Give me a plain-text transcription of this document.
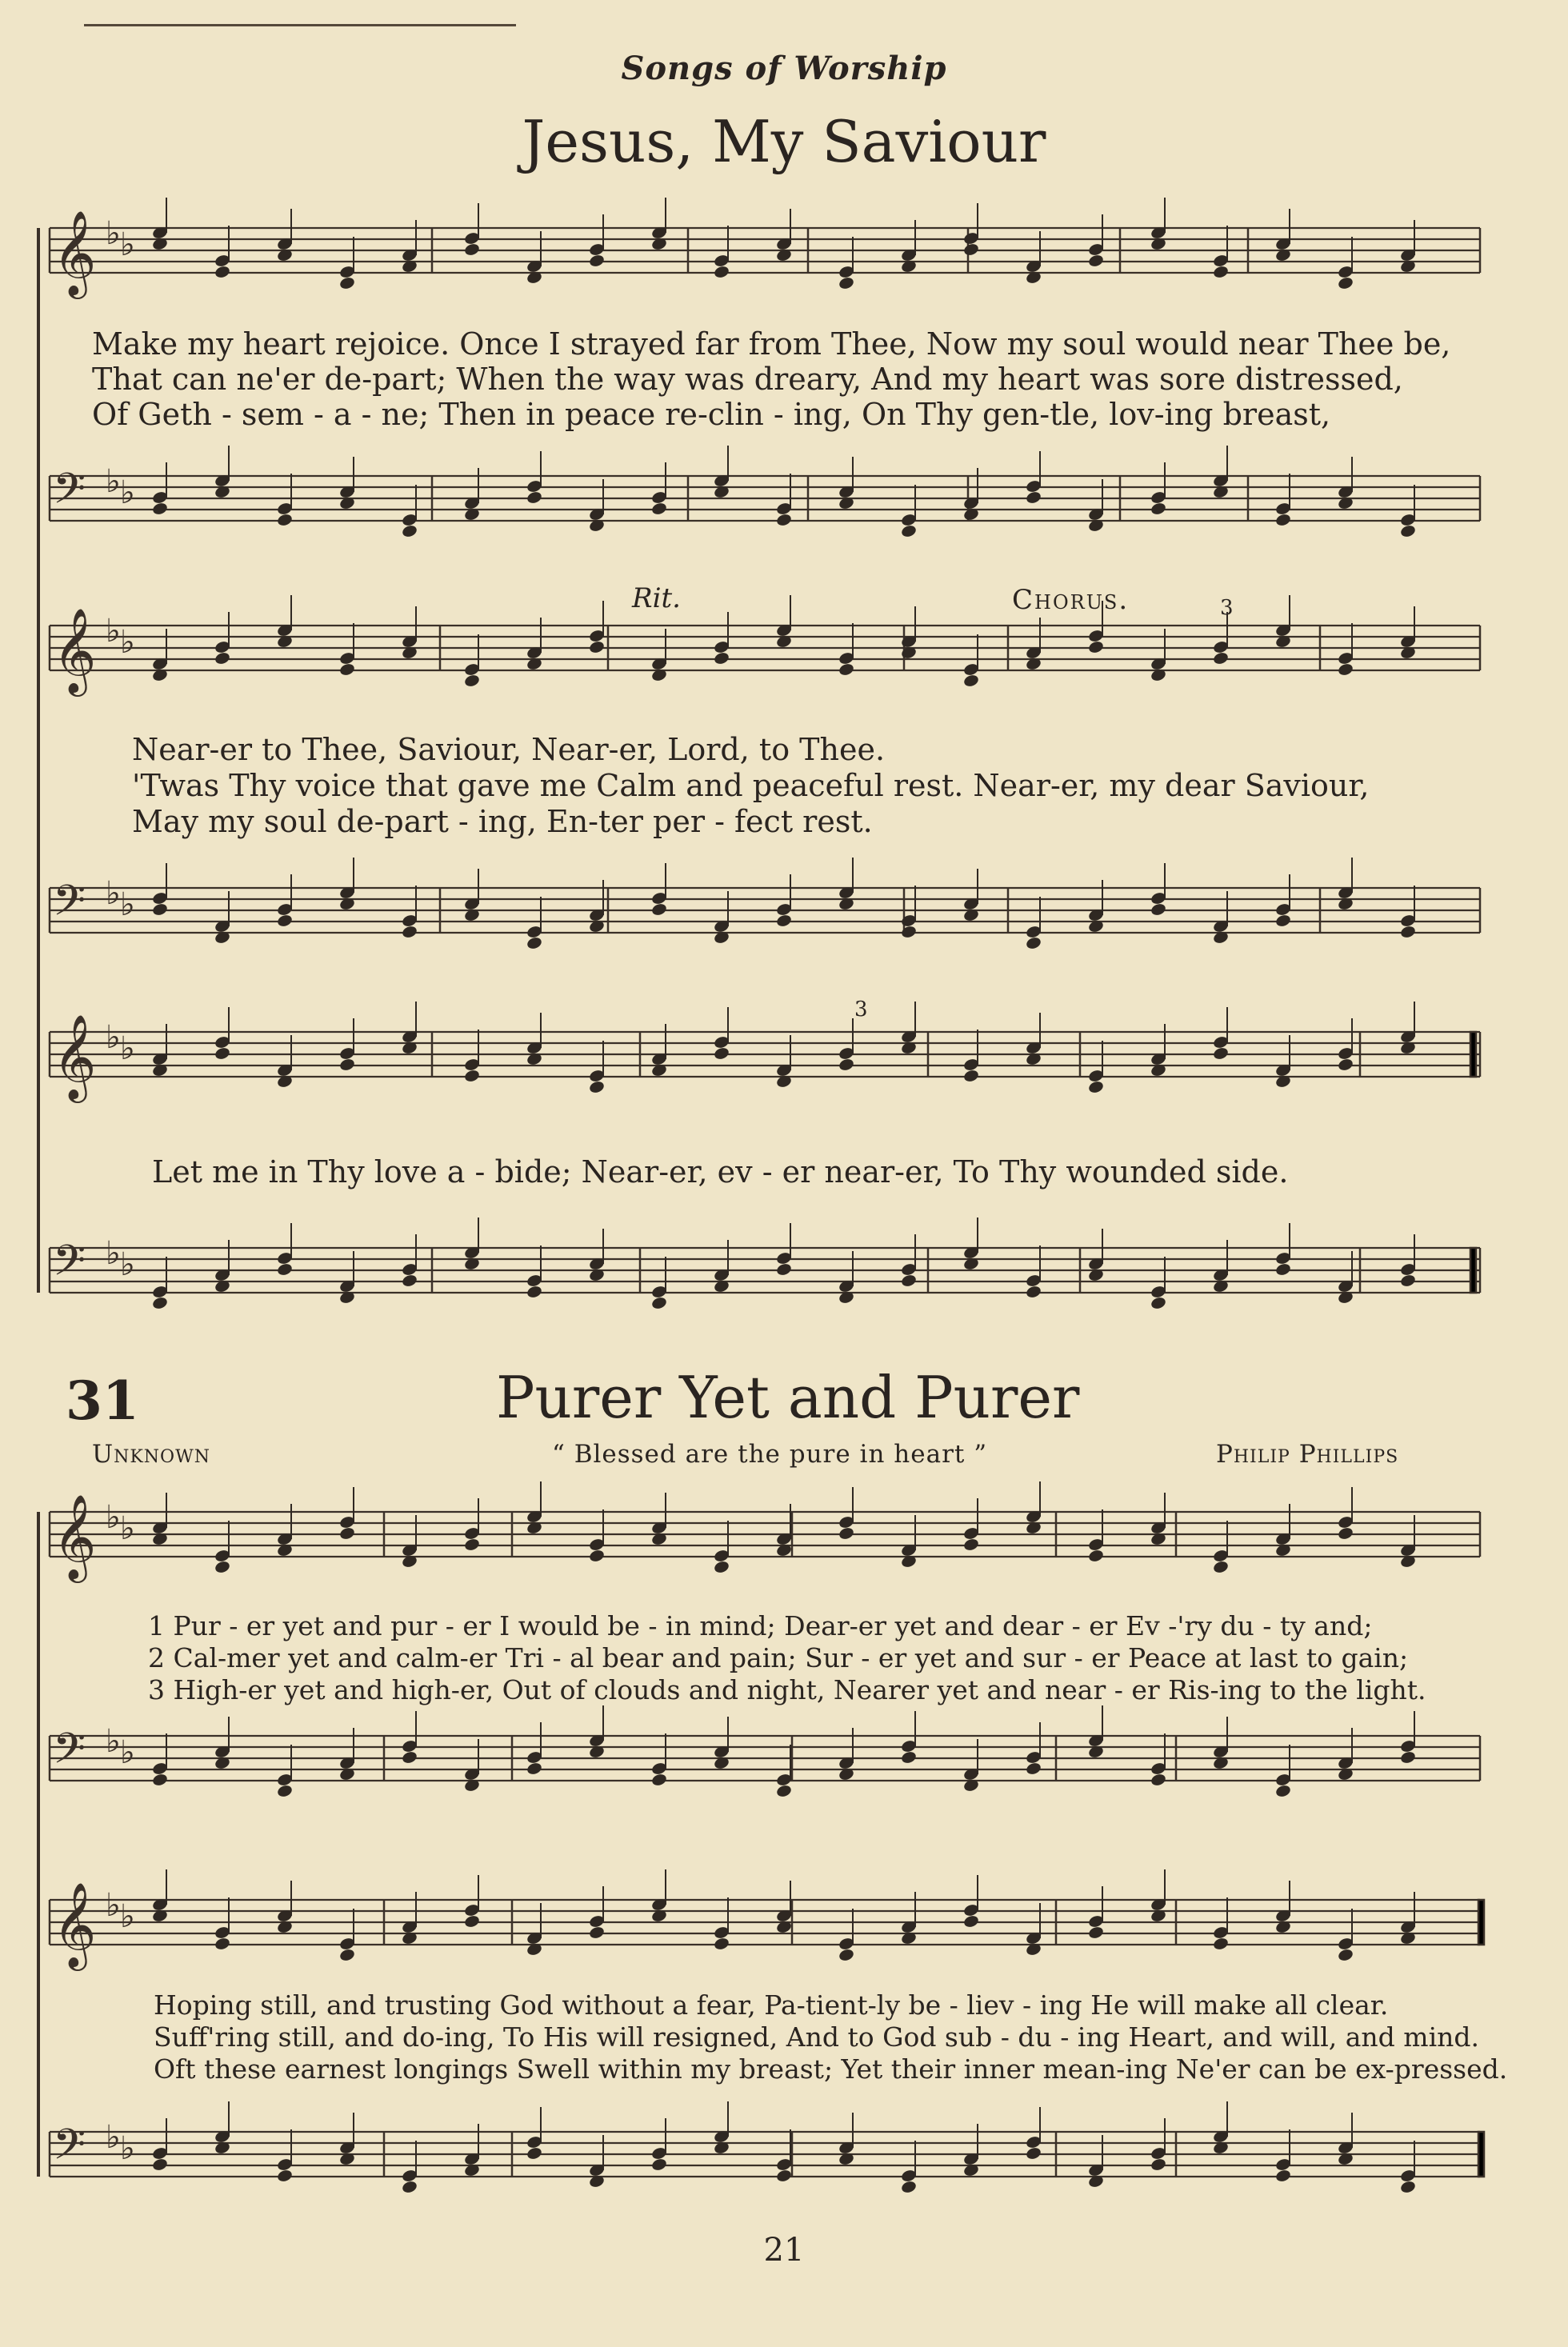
Songs of Worship
Jesus, My Saviour
𝄞 ♭ ♭
𝄢 ♭ ♭
𝄞 ♭ ♭
𝄢 ♭ ♭
𝄞 ♭ ♭
𝄢 ♭ ♭
𝄞 ♭ ♭
𝄢 ♭ ♭
𝄞 ♭ ♭
𝄢 ♭ ♭
Rit.	Chorus.	3
3
Make my heart rejoice. Once I strayed far from Thee, Now my soul would near Thee be,
That can ne'er de-part; When the way was dreary, And my heart was sore distressed,
Of Geth - sem - a - ne; Then in peace re-clin - ing, On Thy gen-tle, lov-ing breast,
Near-er to Thee, Saviour, Near-er, Lord, to Thee.
'Twas Thy voice that gave me Calm and peaceful rest. Near-er, my dear Saviour,
May my soul de-part - ing, En-ter per - fect rest.
Let me in Thy love a - bide; Near-er, ev - er near-er, To Thy wounded side.
31	Purer Yet and Purer
Unknown	“ Blessed are the pure in heart ”	Philip Phillips
1 Pur - er yet and pur - er I would be - in mind; Dear-er yet and dear - er Ev -'ry du - ty and;
2 Cal-mer yet and calm-er Tri - al bear and pain; Sur - er yet and sur - er Peace at last to gain;
3 High-er yet and high-er, Out of clouds and night, Nearer yet and near - er Ris-ing to the light.
Hoping still, and trusting God without a fear, Pa-tient-ly be - liev - ing He will make all clear.
Suff'ring still, and do-ing, To His will resigned, And to God sub - du - ing Heart, and will, and mind.
Oft these earnest longings Swell within my breast; Yet their inner mean-ing Ne'er can be ex-pressed.
21
